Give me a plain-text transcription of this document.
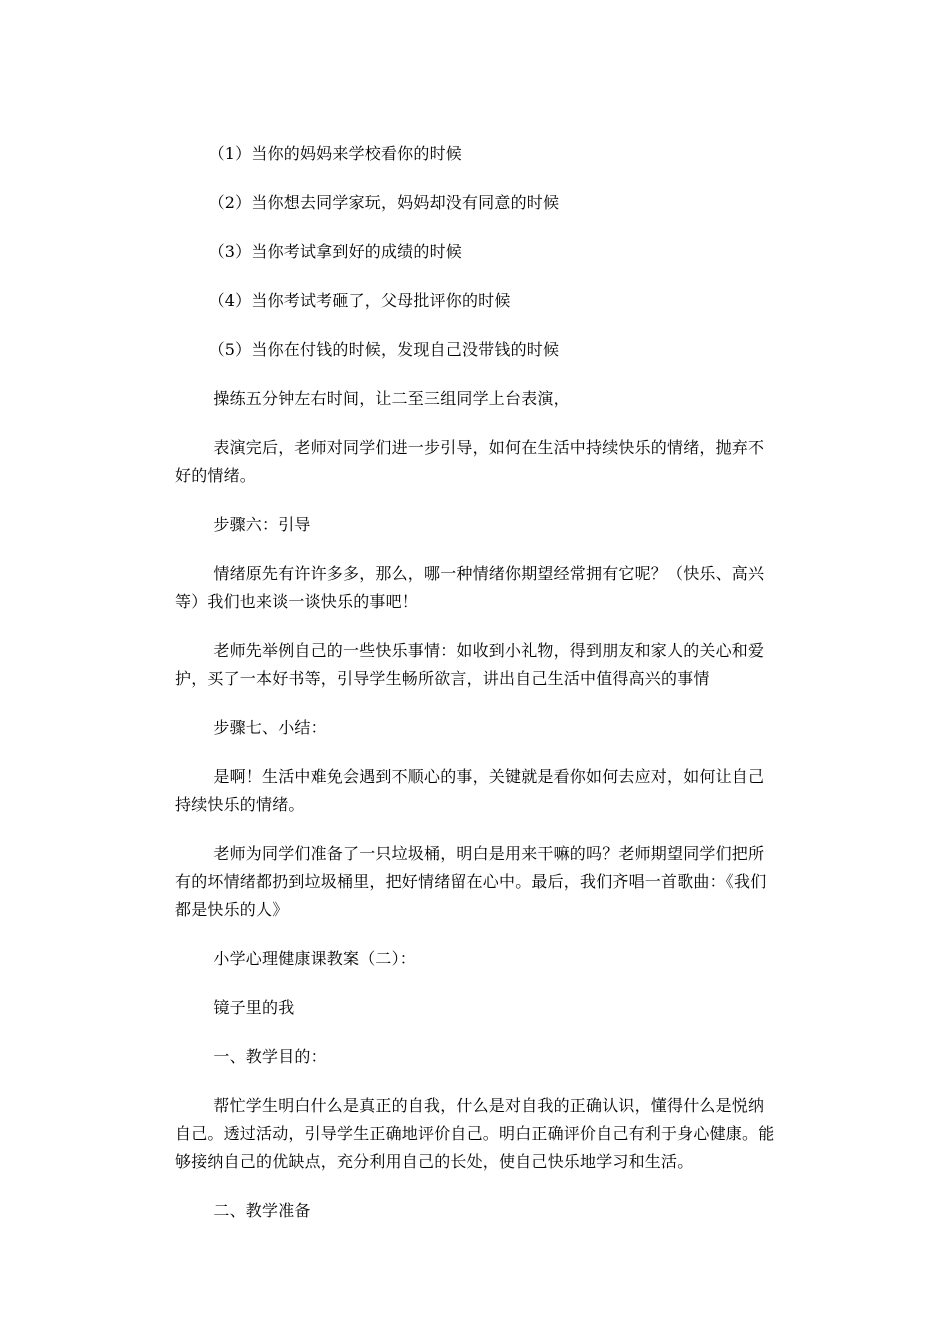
（1）当你的妈妈来学校看你的时候

（2）当你想去同学家玩，妈妈却没有同意的时候

（3）当你考试拿到好的成绩的时候

（4）当你考试考砸了，父母批评你的时候

（5）当你在付钱的时候，发现自己没带钱的时候

操练五分钟左右时间，让二至三组同学上台表演，

表演完后，老师对同学们进一步引导，如何在生活中持续快乐的情绪，抛弃不好的情绪。

步骤六：引导

情绪原先有许许多多，那么，哪一种情绪你期望经常拥有它呢？（快乐、高兴等）我们也来谈一谈快乐的事吧！

老师先举例自己的一些快乐事情：如收到小礼物，得到朋友和家人的关心和爱护，买了一本好书等，引导学生畅所欲言，讲出自己生活中值得高兴的事情

步骤七、小结：

是啊！生活中难免会遇到不顺心的事，关键就是看你如何去应对，如何让自己持续快乐的情绪。

老师为同学们准备了一只垃圾桶，明白是用来干嘛的吗？老师期望同学们把所有的坏情绪都扔到垃圾桶里，把好情绪留在心中。最后，我们齐唱一首歌曲：《我们都是快乐的人》

小学心理健康课教案（二）：

镜子里的我

一、教学目的：

帮忙学生明白什么是真正的自我，什么是对自我的正确认识，懂得什么是悦纳自己。透过活动，引导学生正确地评价自己。明白正确评价自己有利于身心健康。能够接纳自己的优缺点，充分利用自己的长处，使自己快乐地学习和生活。

二、教学准备
